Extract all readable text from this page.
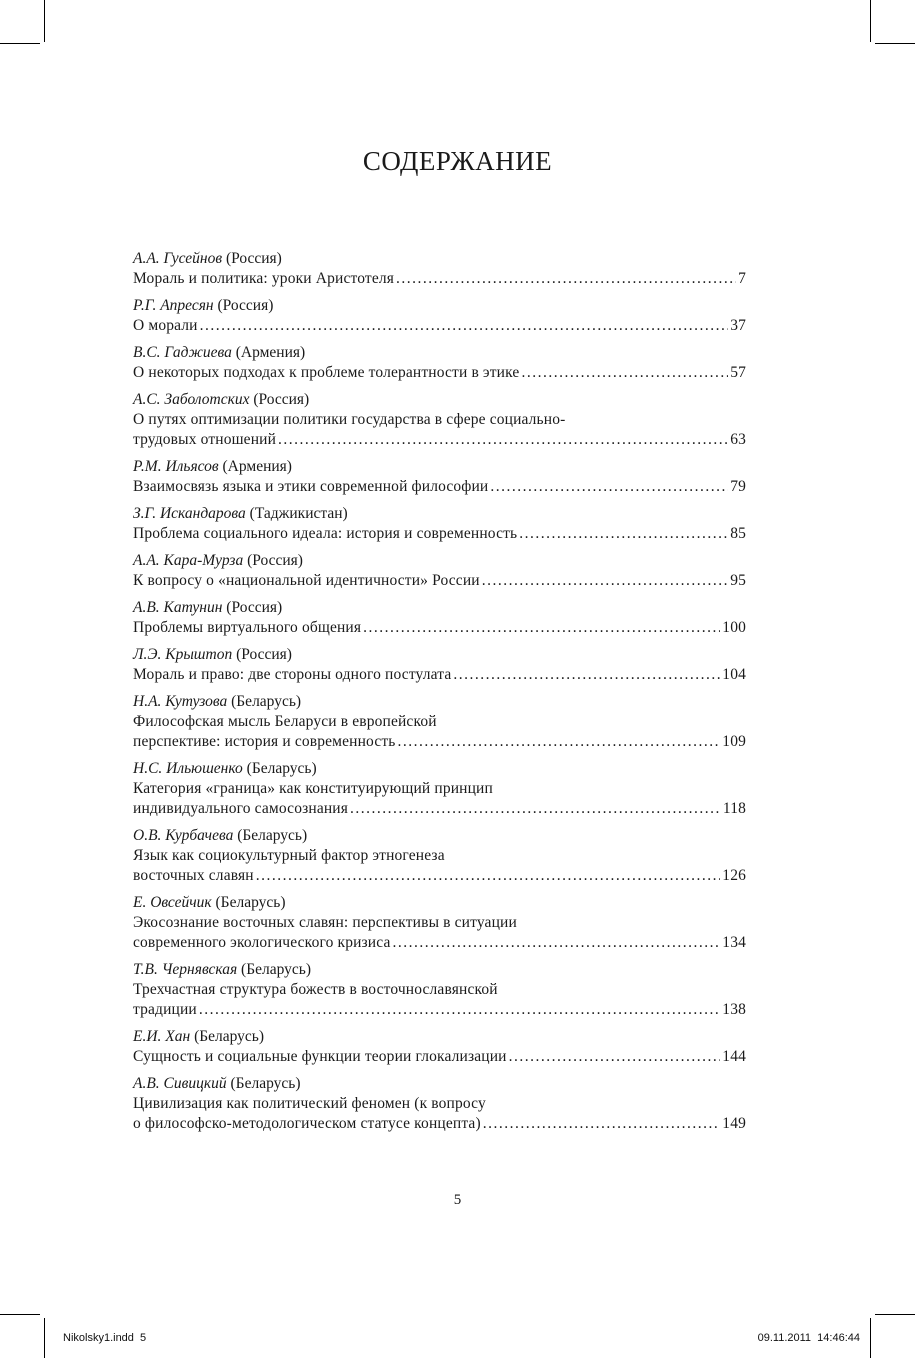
СОДЕРЖАНИЕ
А.А. Гусейнов (Россия)
Мораль и политика: уроки Аристотеля .....	7
Р.Г. Апресян (Россия)
О морали .....	37
В.С. Гаджиева (Армения)
О некоторых подходах к проблеме толерантности в этике .....	57
А.С. Заболотских (Россия)
О путях оптимизации политики государства в сфере социально-
трудовых отношений .....	63
Р.М. Ильясов (Армения)
Взаимосвязь языка и этики современной философии .....	79
З.Г. Искандарова (Таджикистан)
Проблема социального идеала: история и современность .....	85
А.А. Кара-Мурза (Россия)
К вопросу о «национальной идентичности» России .....	95
А.В. Катунин (Россия)
Проблемы виртуального общения .....	100
Л.Э. Крыштоп (Россия)
Мораль и право: две стороны одного постулата .....	104
Н.А. Кутузова (Беларусь)
Философская мысль Беларуси в европейской
перспективе: история и современность .....	109
Н.С. Ильюшенко (Беларусь)
Категория «граница» как конституирующий принцип
индивидуального самосознания .....	118
О.В. Курбачева (Беларусь)
Язык как социокультурный фактор этногенеза
восточных славян .....	126
Е. Овсейчик (Беларусь)
Экосознание восточных славян: перспективы в ситуации
современного экологического кризиса .....	134
Т.В. Чернявская (Беларусь)
Трехчастная структура божеств в восточнославянской
традиции .....	138
Е.И. Хан (Беларусь)
Сущность и социальные функции теории глокализации .....	144
А.В. Сивицкий (Беларусь)
Цивилизация как политический феномен (к вопросу
о философско-методологическом статусе концепта) .....	149
5
Nikolsky1.indd 5	09.11.2011 14:46:44
